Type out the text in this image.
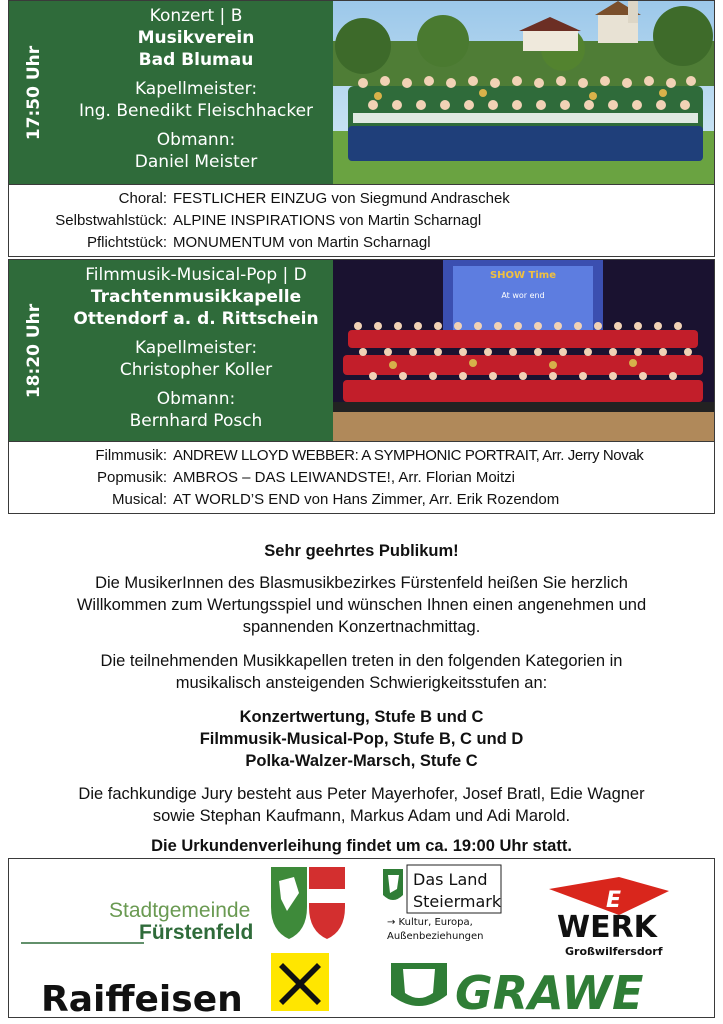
17:50 Uhr
Konzert | B
Musikverein
Bad Blumau
Kapellmeister:
Ing. Benedikt Fleischhacker
Obmann:
Daniel Meister
Choral: FESTLICHER EINZUG von Siegmund Andraschek
Selbstwahlstück: ALPINE INSPIRATIONS von Martin Scharnagl
Pflichtstück: MONUMENTUM von Martin Scharnagl
18:20 Uhr
Filmmusik-Musical-Pop | D
Trachtenmusikkapelle
Ottendorf a. d. Rittschein
Kapellmeister:
Christopher Koller
Obmann:
Bernhard Posch
SHOW Time
At wor end
Filmmusik: ANDREW LLOYD WEBBER: A SYMPHONIC PORTRAIT, Arr. Jerry Novak
Popmusik: AMBROS – DAS LEIWANDSTE!, Arr. Florian Moitzi
Musical: AT WORLD’S END von Hans Zimmer, Arr. Erik Rozendom
Sehr geehrtes Publikum!
Die MusikerInnen des Blasmusikbezirkes Fürstenfeld heißen Sie herzlich
Willkommen zum Wertungsspiel und wünschen Ihnen einen angenehmen und
spannenden Konzertnachmittag.
Die teilnehmenden Musikkapellen treten in den folgenden Kategorien in
musikalisch ansteigenden Schwierigkeitsstufen an:
Konzertwertung, Stufe B und C
Filmmusik-Musical-Pop, Stufe B, C und D
Polka-Walzer-Marsch, Stufe C
Die fachkundige Jury besteht aus Peter Mayerhofer, Josef Bratl, Edie Wagner
sowie Stephan Kaufmann, Markus Adam und Adi Marold.
Die Urkundenverleihung findet um ca. 19:00 Uhr statt.
Stadtgemeinde
Fürstenfeld
Das Land
Steiermark
→ Kultur, Europa,
Außenbeziehungen
E
WERK
Großwilfersdorf
Raiffeisen	GRAWE
